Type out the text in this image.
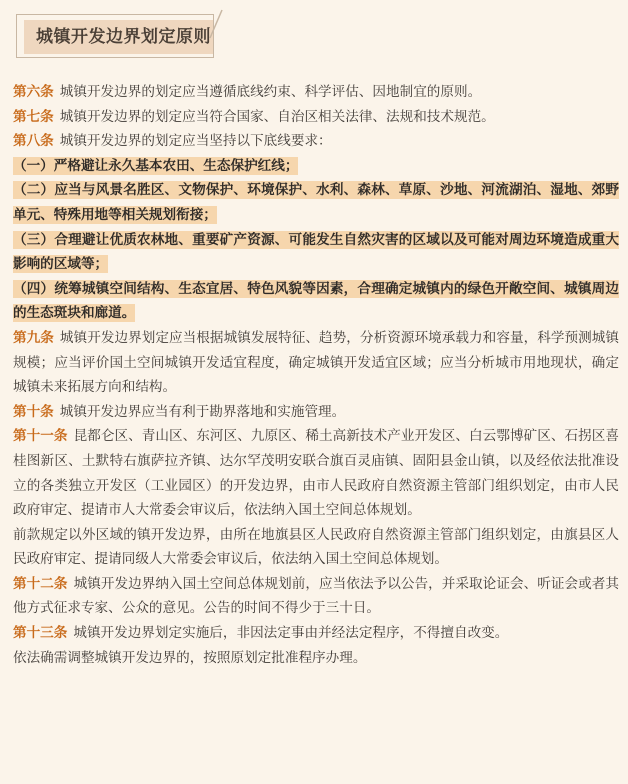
城镇开发边界划定原则

第六条 城镇开发边界的划定应当遵循底线约束、科学评估、因地制宜的原则。

第七条 城镇开发边界的划定应当符合国家、自治区相关法律、法规和技术规范。

第八条 城镇开发边界的划定应当坚持以下底线要求：

（一）严格避让永久基本农田、生态保护红线；

（二）应当与风景名胜区、文物保护、环境保护、水利、森林、草原、沙地、河流湖泊、湿地、郊野单元、特殊用地等相关规划衔接；

（三）合理避让优质农林地、重要矿产资源、可能发生自然灾害的区域以及可能对周边环境造成重大影响的区域等；

（四）统筹城镇空间结构、生态宜居、特色风貌等因素，合理确定城镇内的绿色开敞空间、城镇周边的生态斑块和廊道。

第九条 城镇开发边界划定应当根据城镇发展特征、趋势，分析资源环境承载力和容量，科学预测城镇规模；应当评价国土空间城镇开发适宜程度，确定城镇开发适宜区域；应当分析城市用地现状，确定城镇未来拓展方向和结构。

第十条 城镇开发边界应当有利于勘界落地和实施管理。

第十一条 昆都仑区、青山区、东河区、九原区、稀土高新技术产业开发区、白云鄂博矿区、石拐区喜桂图新区、土默特右旗萨拉齐镇、达尔罕茂明安联合旗百灵庙镇、固阳县金山镇，以及经依法批准设立的各类独立开发区（工业园区）的开发边界，由市人民政府自然资源主管部门组织划定，由市人民政府审定、提请市人大常委会审议后，依法纳入国土空间总体规划。

前款规定以外区域的镇开发边界，由所在地旗县区人民政府自然资源主管部门组织划定，由旗县区人民政府审定、提请同级人大常委会审议后，依法纳入国土空间总体规划。

第十二条 城镇开发边界纳入国土空间总体规划前，应当依法予以公告，并采取论证会、听证会或者其他方式征求专家、公众的意见。公告的时间不得少于三十日。

第十三条 城镇开发边界划定实施后，非因法定事由并经法定程序，不得擅自改变。

依法确需调整城镇开发边界的，按照原划定批准程序办理。
